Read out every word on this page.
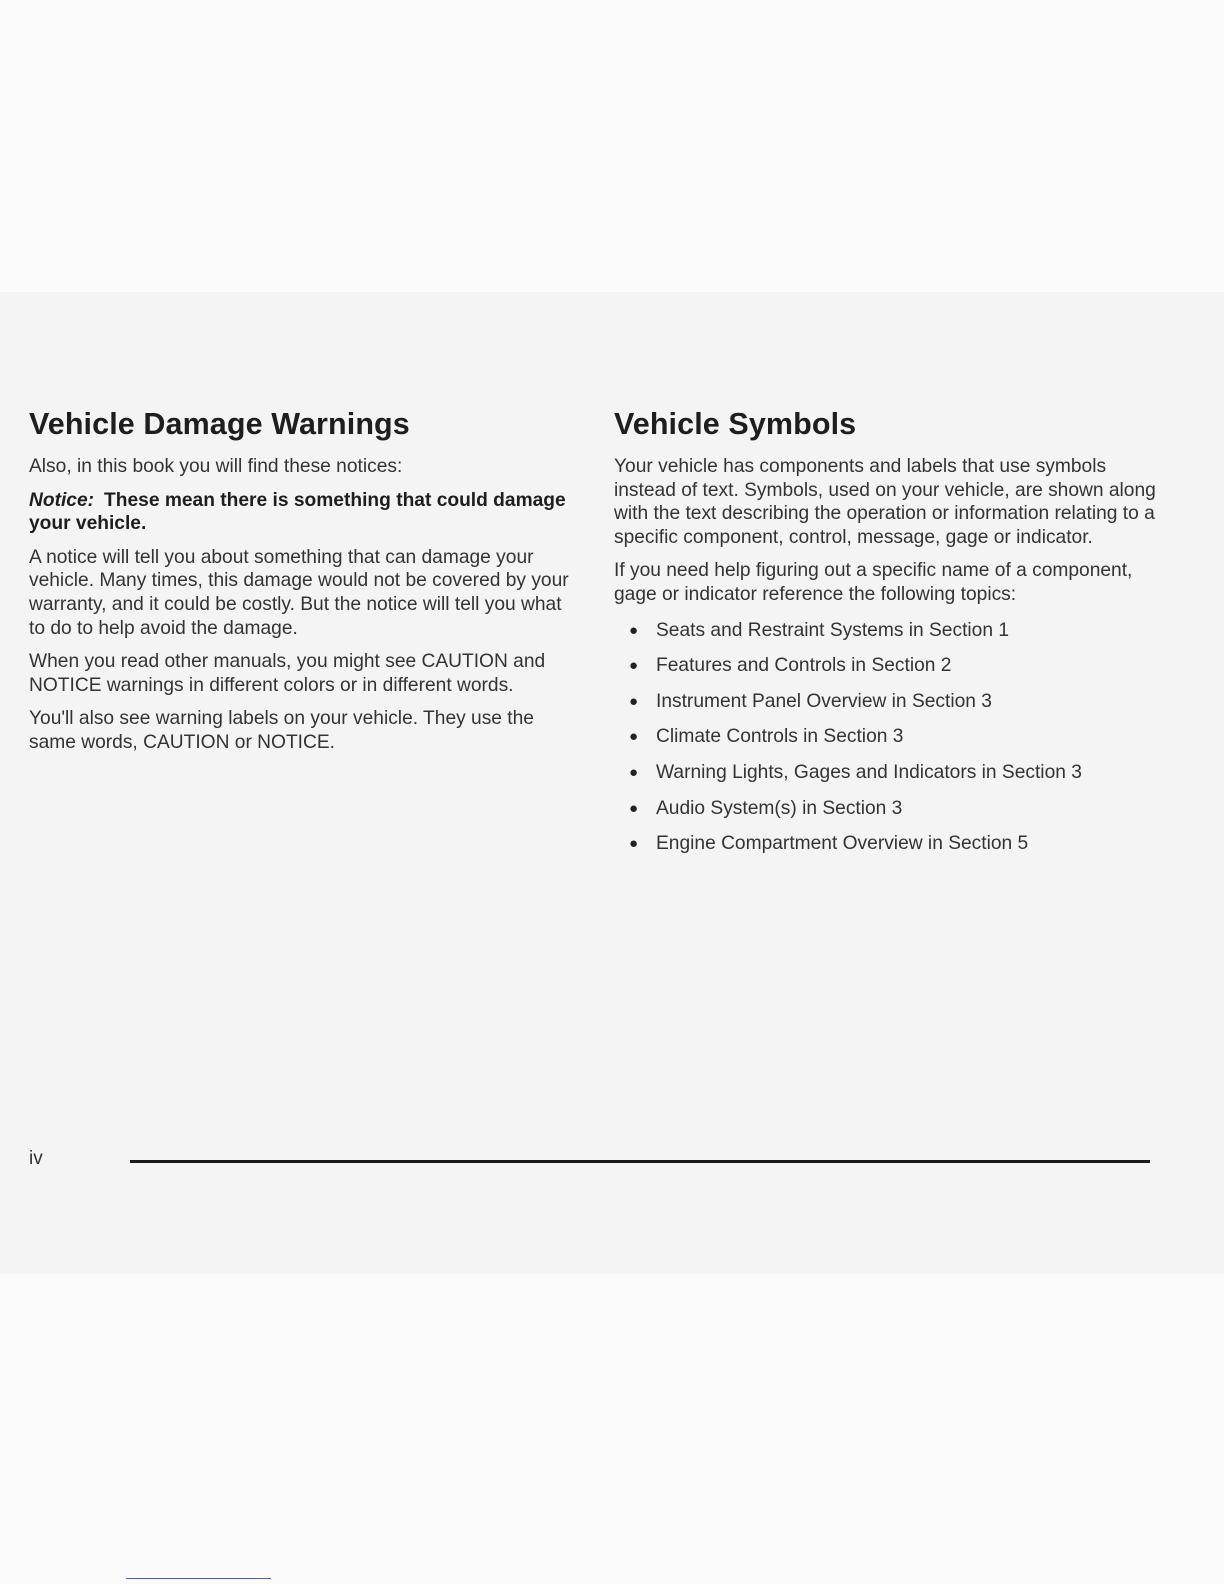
Vehicle Damage Warnings

Also, in this book you will find these notices:

Notice: These mean there is something that could damage your vehicle.

A notice will tell you about something that can damage your vehicle. Many times, this damage would not be covered by your warranty, and it could be costly. But the notice will tell you what to do to help avoid the damage.

When you read other manuals, you might see CAUTION and NOTICE warnings in different colors or in different words.

You'll also see warning labels on your vehicle. They use the same words, CAUTION or NOTICE.

Vehicle Symbols

Your vehicle has components and labels that use symbols instead of text. Symbols, used on your vehicle, are shown along with the text describing the operation or information relating to a specific component, control, message, gage or indicator.

If you need help figuring out a specific name of a component, gage or indicator reference the following topics:

● Seats and Restraint Systems in Section 1
● Features and Controls in Section 2
● Instrument Panel Overview in Section 3
● Climate Controls in Section 3
● Warning Lights, Gages and Indicators in Section 3
● Audio System(s) in Section 3
● Engine Compartment Overview in Section 5
iv
